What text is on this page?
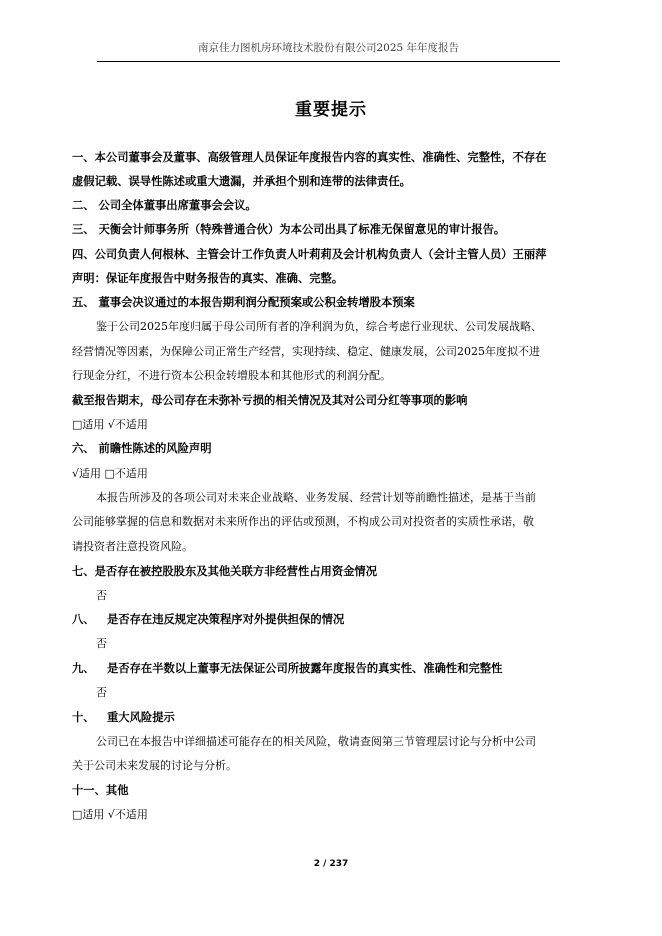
南京佳力图机房环境技术股份有限公司2025 年年度报告
重要提示
一、本公司董事会及董事、高级管理人员保证年度报告内容的真实性、准确性、完整性，不存在
虚假记载、误导性陈述或重大遗漏，并承担个别和连带的法律责任。
二、 公司全体董事出席董事会会议。
三、 天衡会计师事务所（特殊普通合伙）为本公司出具了标准无保留意见的审计报告。
四、公司负责人何根林、主管会计工作负责人叶莉莉及会计机构负责人（会计主管人员）王丽萍
声明：保证年度报告中财务报告的真实、准确、完整。
五、 董事会决议通过的本报告期利润分配预案或公积金转增股本预案
鉴于公司2025年度归属于母公司所有者的净利润为负，综合考虑行业现状、公司发展战略、
经营情况等因素，为保障公司正常生产经营，实现持续、稳定、健康发展，公司2025年度拟不进
行现金分红，不进行资本公积金转增股本和其他形式的利润分配。
截至报告期末，母公司存在未弥补亏损的相关情况及其对公司分红等事项的影响
□适用 √不适用
六、 前瞻性陈述的风险声明
√适用 □不适用
本报告所涉及的各项公司对未来企业战略、业务发展、经营计划等前瞻性描述，是基于当前
公司能够掌握的信息和数据对未来所作出的评估或预测，不构成公司对投资者的实质性承诺，敬
请投资者注意投资风险。
七、是否存在被控股股东及其他关联方非经营性占用资金情况
否
八、 是否存在违反规定决策程序对外提供担保的情况
否
九、 是否存在半数以上董事无法保证公司所披露年度报告的真实性、准确性和完整性
否
十、 重大风险提示
公司已在本报告中详细描述可能存在的相关风险，敬请查阅第三节管理层讨论与分析中公司
关于公司未来发展的讨论与分析。
十一、其他
□适用 √不适用
2 / 237
